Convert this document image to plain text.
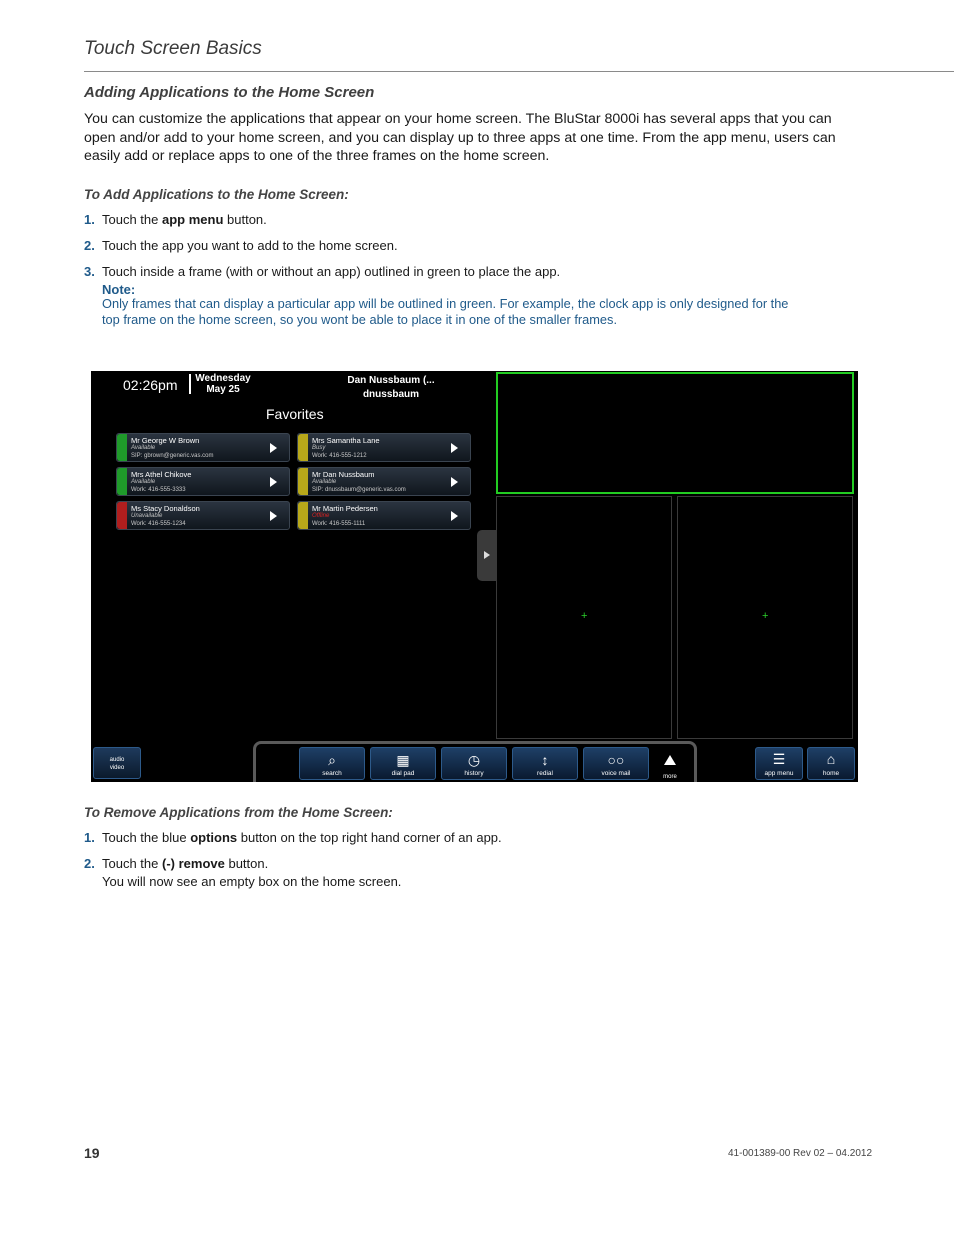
Touch Screen Basics
Adding Applications to the Home Screen
You can customize the applications that appear on your home screen. The BluStar 8000i has several apps that you can open and/or add to your home screen, and you can display up to three apps at one time. From the app menu, users can easily add or replace apps to one of the three frames on the home screen.
To Add Applications to the Home Screen:
1. Touch the app menu button.
2. Touch the app you want to add to the home screen.
3. Touch inside a frame (with or without an app) outlined in green to place the app.
Note:
Only frames that can display a particular app will be outlined in green. For example, the clock app is only designed for the top frame on the home screen, so you wont be able to place it in one of the smaller frames.
02:26pm Wednesday
May 25
Dan Nussbaum (...
dnussbaum
Favorites
Mr George W Brown
Available
SIP: gbrown@generic.vas.com
Mrs Samantha Lane
Busy
Work: 416-555-1212
Mrs Athel Chikove
Available
Work: 416-555-3333
Mr Dan Nussbaum
Available
SIP: dnussbaum@generic.vas.com
Ms Stacy Donaldson
Unavailable
Work: 416-555-1234
Mr Martin Pedersen
Offline
Work: 416-555-1111
+	+
audio
video	⌕
search
▦
dial pad
◷
history
↕
redial
○○
voice mail	more
☰
app menu
⌂
home
To Remove Applications from the Home Screen:
1. Touch the blue options button on the top right hand corner of an app.
2. Touch the (-) remove button.
You will now see an empty box on the home screen.
19	41-001389-00 Rev 02 – 04.2012
